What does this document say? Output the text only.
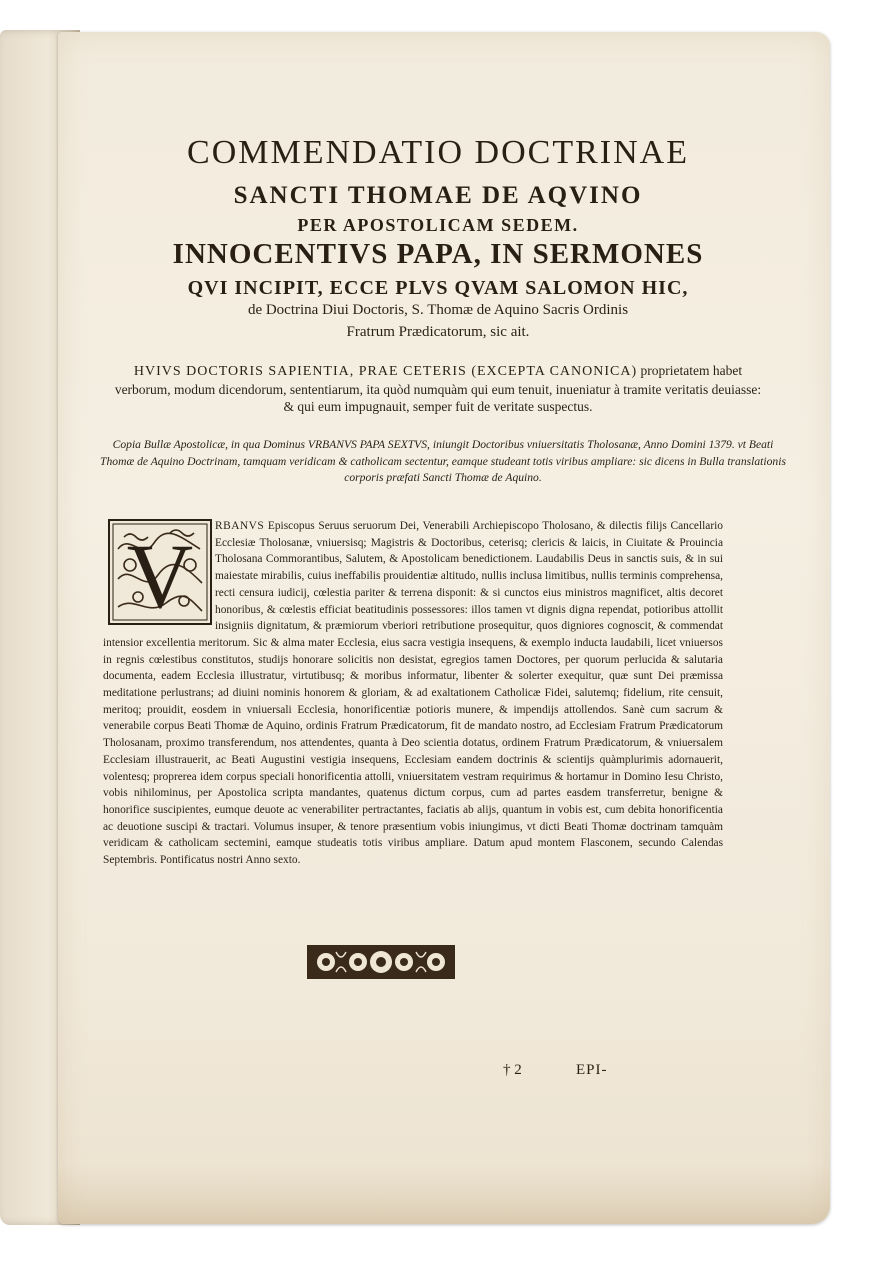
COMMENDATIO DOCTRINAE
SANCTI THOMAE DE AQVINO
PER APOSTOLICAM SEDEM.
INNOCENTIVS PAPA, IN SERMONES
QVI INCIPIT, ECCE PLVS QVAM SALOMON HIC,

de Doctrina Diui Doctoris, S. Thomæ de Aquino Sacris Ordinis

Fratrum Prædicatorum, sic ait.

HVIVS DOCTORIS SAPIENTIA, PRAE CETERIS (EXCEPTA CANONICA) proprietatem habet verborum, modum dicendorum, sententiarum, ita quòd numquàm qui eum tenuit, inueniatur à tramite veritatis deuiasse: & qui eum impugnauit, semper fuit de veritate suspectus.

Copia Bullæ Apostolicæ, in qua Dominus VRBANVS PAPA SEXTVS, iniungit Doctoribus vniuersitatis Tholosanæ, Anno Domini 1379. vt Beati Thomæ de Aquino Doctrinam, tamquam veridicam & catholicam sectentur, eamque studeant totis viribus ampliare: sic dicens in Bulla translationis corporis præfati Sancti Thomæ de Aquino.

V	RBANVS Episcopus Seruus seruorum Dei, Venerabili Archiepiscopo Tholosano, & dilectis filijs Cancellario Ecclesiæ Tholosanæ, vniuersisq; Magistris & Doctoribus, ceterisq; clericis & laicis, in Ciuitate & Prouincia Tholosana Commorantibus, Salutem, & Apostolicam benedictionem. Laudabilis Deus in sanctis suis, & in sui maiestate mirabilis, cuius ineffabilis prouidentiæ altitudo, nullis inclusa limitibus, nullis terminis comprehensa, recti censura iudicij, cœlestia pariter & terrena disponit: & si cunctos eius ministros magnificet, altis decoret honoribus, & cœlestis efficiat beatitudinis possessores: illos tamen vt dignis digna rependat, potioribus attollit insigniis dignitatum, & præmiorum vberiori retributione prosequitur, quos digniores cognoscit, & commendat intensior excellentia meritorum. Sic & alma mater Ecclesia, eius sacra vestigia insequens, & exemplo inducta laudabili, licet vniuersos in regnis cœlestibus constitutos, studijs honorare solicitis non desistat, egregios tamen Doctores, per quorum perlucida & salutaria documenta, eadem Ecclesia illustratur, virtutibusq; & moribus informatur, libenter & solerter exequitur, quæ sunt Dei præmissa meditatione perlustrans; ad diuini nominis honorem & gloriam, & ad exaltationem Catholicæ Fidei, salutemq; fidelium, rite censuit, meritoq; prouidit, eosdem in vniuersali Ecclesia, honorificentiæ potioris munere, & impendijs attollendos. Sanè cum sacrum & venerabile corpus Beati Thomæ de Aquino, ordinis Fratrum Prædicatorum, fit de mandato nostro, ad Ecclesiam Fratrum Prædicatorum Tholosanam, proximo transferendum, nos attendentes, quanta à Deo scientia dotatus, ordinem Fratrum Prædicatorum, & vniuersalem Ecclesiam illustrauerit, ac Beati Augustini vestigia insequens, Ecclesiam eandem doctrinis & scientijs quàmplurimis adornauerit, volentesq; proprerea idem corpus speciali honorificentia attolli, vniuersitatem vestram requirimus & hortamur in Domino Iesu Christo, vobis nihilominus, per Apostolica scripta mandantes, quatenus dictum corpus, cum ad partes easdem transferretur, benigne & honorifice suscipientes, eumque deuote ac venerabiliter pertractantes, faciatis ab alijs, quantum in vobis est, cum debita honorificentia ac deuotione suscipi & tractari. Volumus insuper, & tenore præsentium vobis iniungimus, vt dicti Beati Thomæ doctrinam tamquàm veridicam & catholicam sectemini, eamque studeatis totis viribus ampliare. Datum apud montem Flasconem, secundo Calendas Septembris. Pontificatus nostri Anno sexto.

† 2	EPI-
